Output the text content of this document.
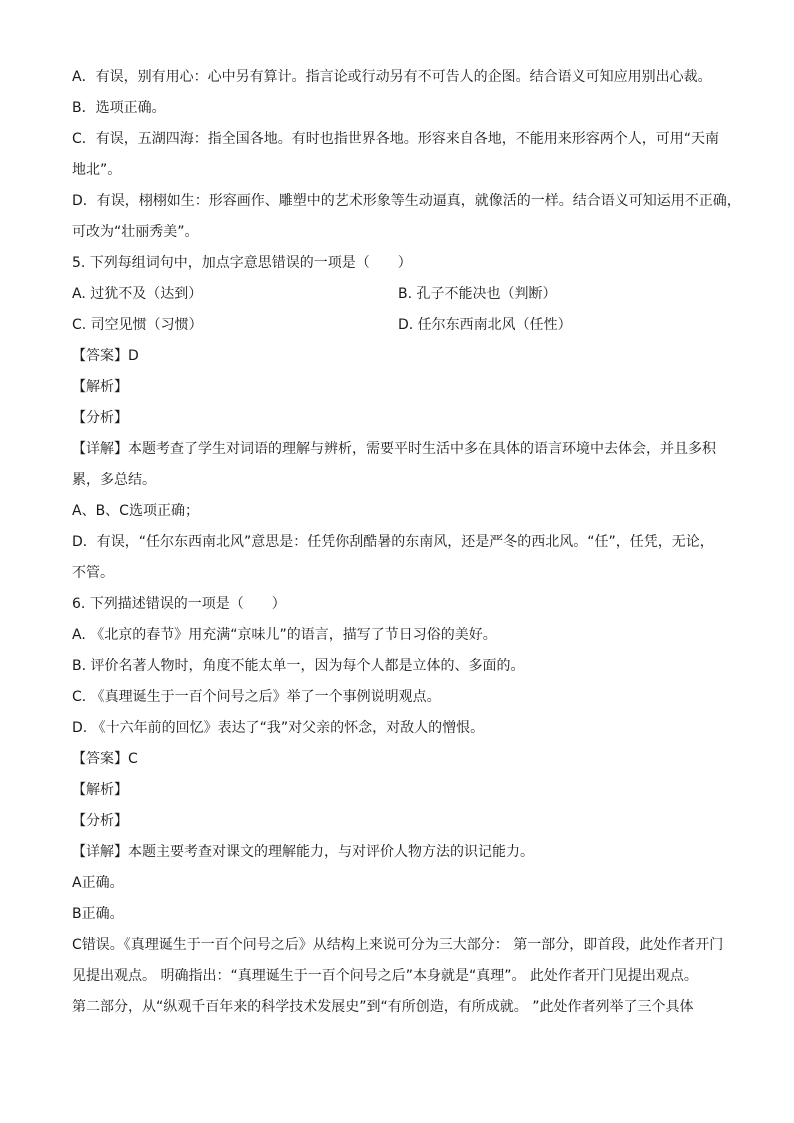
A．有误，别有用心：心中另有算计。指言论或行动另有不可告人的企图。结合语义可知应用别出心裁。
B．选项正确。
C．有误，五湖四海：指全国各地。有时也指世界各地。形容来自各地，不能用来形容两个人，可用“天南
地北”。
D．有误，栩栩如生：形容画作、雕塑中的艺术形象等生动逼真，就像活的一样。结合语义可知运用不正确，
可改为“壮丽秀美”。
5. 下列每组词句中，加点字意思错误的一项是（　　）
A. 过犹不及（达到）	B. 孔子不能决也（判断）
C. 司空见惯（习惯）	D. 任尔东西南北风（任性）
【答案】D
【解析】
【分析】
【详解】本题考查了学生对词语的理解与辨析，需要平时生活中多在具体的语言环境中去体会，并且多积
累，多总结。
A、B、C选项正确；
D．有误，“任尔东西南北风”意思是：任凭你刮酷暑的东南风，还是严冬的西北风。“任”，任凭，无论，
不管。
6. 下列描述错误的一项是（　　）
A. 《北京的春节》用充满“京味儿”的语言，描写了节日习俗的美好。
B. 评价名著人物时，角度不能太单一，因为每个人都是立体的、多面的。
C. 《真理诞生于一百个问号之后》举了一个事例说明观点。
D. 《十六年前的回忆》表达了“我”对父亲的怀念，对敌人的憎恨。
【答案】C
【解析】
【分析】
【详解】本题主要考查对课文的理解能力，与对评价人物方法的识记能力。
A正确。
B正确。
C错误。《真理诞生于一百个问号之后》从结构上来说可分为三大部分： 第一部分，即首段，此处作者开门
见提出观点。 明确指出：“真理诞生于一百个问号之后”本身就是“真理”。 此处作者开门见提出观点。
第二部分，从“纵观千百年来的科学技术发展史”到“有所创造，有所成就。 ”此处作者列举了三个具体
